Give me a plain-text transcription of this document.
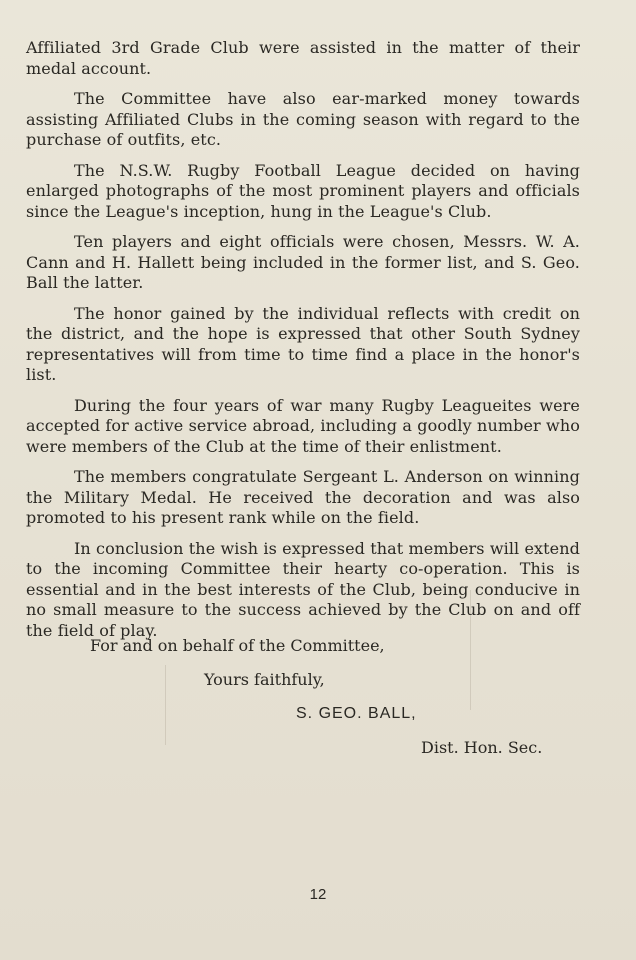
Affiliated 3rd Grade Club were assisted in the matter of their medal account.

The Committee have also ear-marked money towards assisting Affiliated Clubs in the coming season with regard to the purchase of outfits, etc.

The N.S.W. Rugby Football League decided on having enlarged photographs of the most prominent players and officials since the League's inception, hung in the League's Club.

Ten players and eight officials were chosen, Messrs. W. A. Cann and H. Hallett being included in the former list, and S. Geo. Ball the latter.

The honor gained by the individual reflects with credit on the district, and the hope is expressed that other South Sydney representatives will from time to time find a place in the honor's list.

During the four years of war many Rugby Leagueites were accepted for active service abroad, including a goodly number who were members of the Club at the time of their enlistment.

The members congratulate Sergeant L. Anderson on winning the Military Medal. He received the decoration and was also promoted to his present rank while on the field.

In conclusion the wish is expressed that members will extend to the incoming Committee their hearty co-operation. This is essential and in the best interests of the Club, being conducive in no small measure to the success achieved by the Club on and off the field of play.

For and on behalf of the Committee,
Yours faithfuly,
S. GEO. BALL,
Dist. Hon. Sec.
12
